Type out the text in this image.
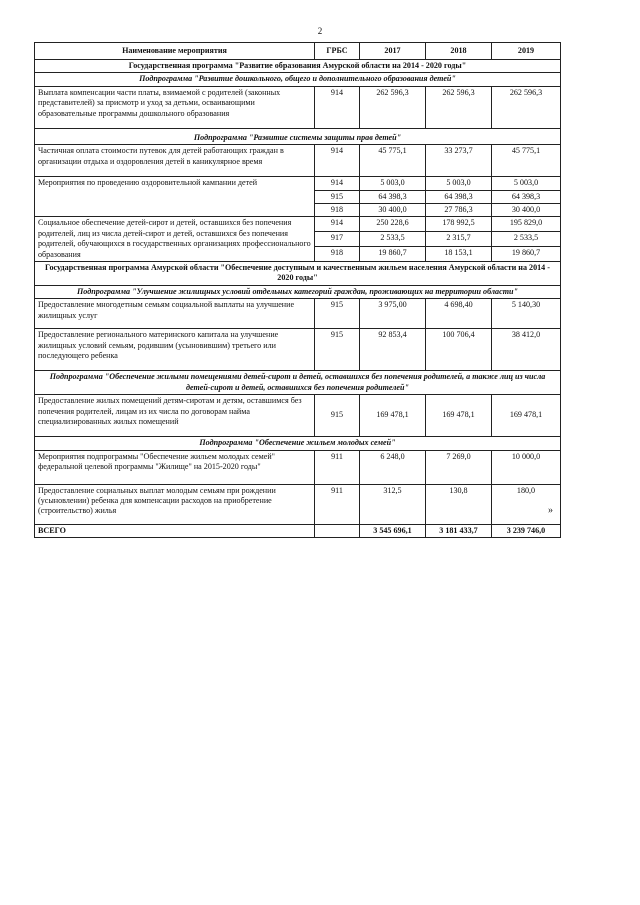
2
Наименование мероприятия	ГРБС	2017	2018	2019
Государственная программа "Развитие образования Амурской области на 2014 - 2020 годы"				
Подпрограмма "Развитие дошкольного, общего и дополнительного образования детей"				
Выплата компенсации части платы, взимаемой с родителей (законных представителей) за присмотр и уход за детьми, осваивающими образовательные программы дошкольного образования	914	262 596,3	262 596,3	262 596,3
Подпрограмма "Развитие системы защиты прав детей"				
Частичная оплата стоимости путевок для детей работающих граждан в организации отдыха и оздоровления детей в каникулярное время	914	45 775,1	33 273,7	45 775,1
Мероприятия по проведению оздоровительной кампании детей	914	5 003,0	5 003,0	5 003,0
	915	64 398,3	64 398,3	64 398,3
	918	30 400,0	27 786,3	30 400,0
Социальное обеспечение детей-сирот и детей, оставшихся без попечения родителей, лиц из числа детей-сирот и детей, оставшихся без попечения родителей, обучающихся в государственных организациях профессионального образования	914	250 228,6	178 992,5	195 829,0
	917	2 533,5	2 315,7	2 533,5
	918	19 860,7	18 153,1	19 860,7
Государственная программа Амурской области "Обеспечение доступным и качественным жильем населения Амурской области на 2014 - 2020 годы"				
Подпрограмма "Улучшение жилищных условий отдельных категорий граждан, проживающих на территории области"				
Предоставление многодетным семьям социальной выплаты на улучшение жилищных услуг	915	3 975,00	4 698,40	5 140,30
Предоставление регионального материнского капитала на улучшение жилищных условий семьям, родившим (усыновившим) третьего или последующего ребенка	915	92 853,4	100 706,4	38 412,0
Подпрограмма "Обеспечение жилыми помещениями детей-сирот и детей, оставшихся без попечения родителей, а также лиц из числа детей-сирот и детей, оставшихся без попечения родителей"				
Предоставление жилых помещений детям-сиротам и детям, оставшимся без попечения родителей, лицам из их числа по договорам найма специализированных жилых помещений	915	169 478,1	169 478,1	169 478,1
Подпрограмма "Обеспечение жильем молодых семей"				
Мероприятия подпрограммы "Обеспечение жильем молодых семей" федеральной целевой программы "Жилище" на 2015-2020 годы"	911	6 248,0	7 269,0	10 000,0
Предоставление социальных выплат молодым семьям при рождении (усыновлении) ребенка для компенсации расходов на приобретение (строительство) жилья	911	312,5	130,8	180,0
ВСЕГО		3 545 696,1	3 181 433,7	3 239 746,0
»
